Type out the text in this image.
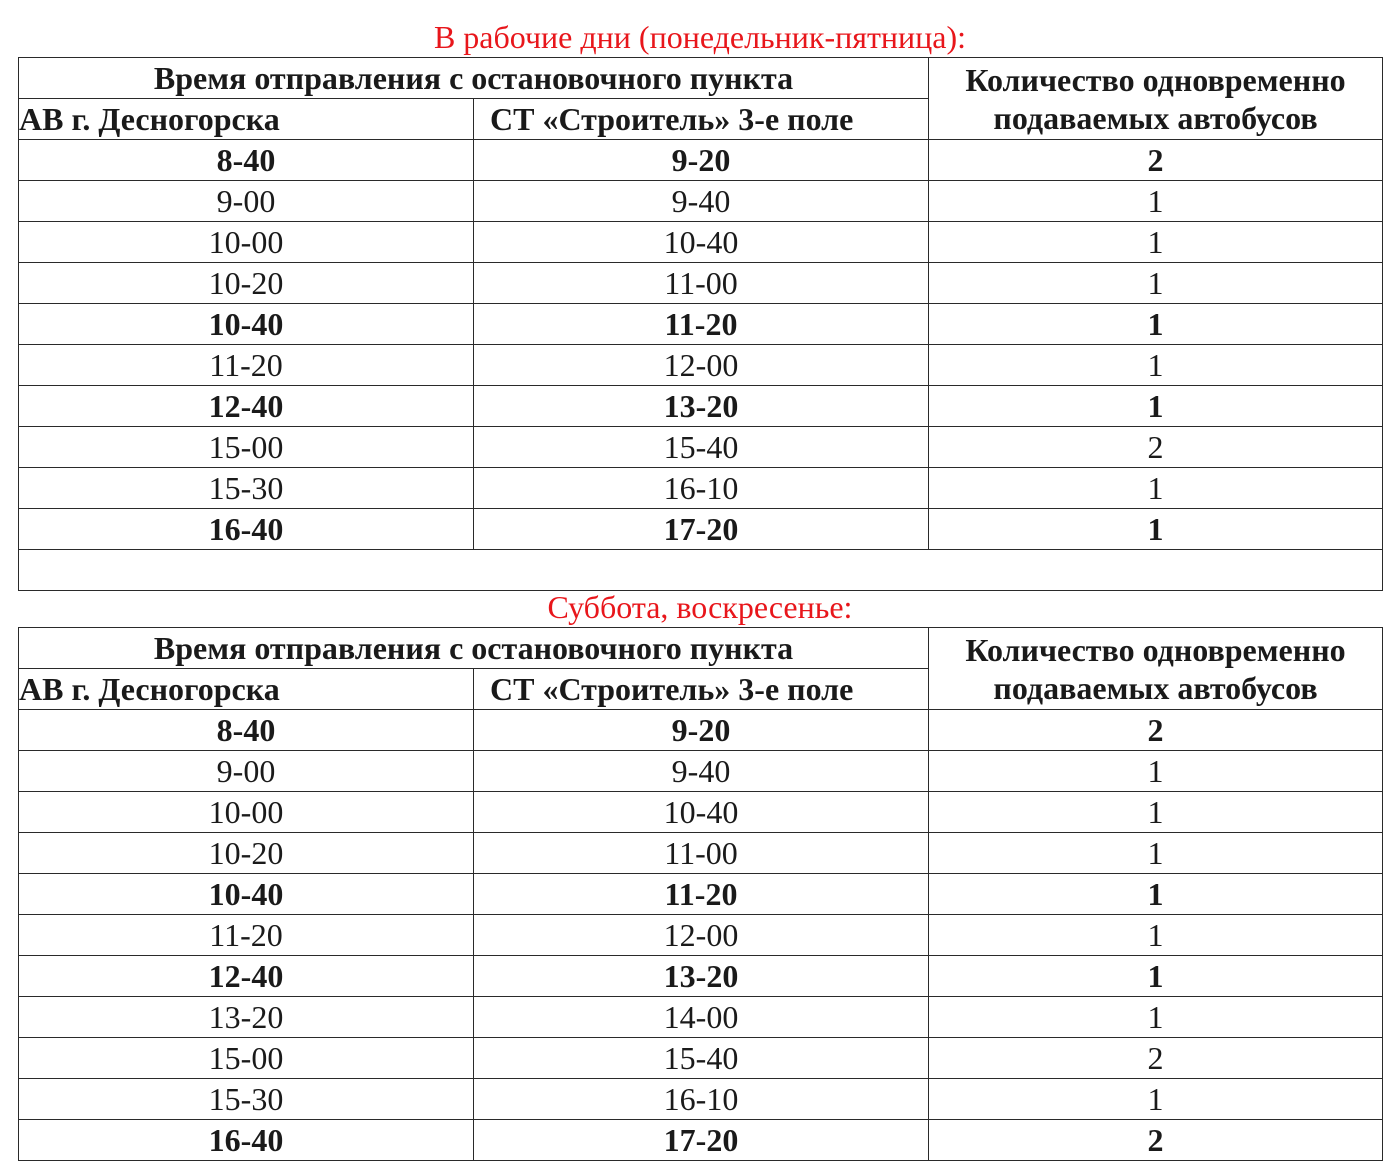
В рабочие дни (понедельник-пятница):
Время отправления с остановочного пункта		Количество одновременно
подаваемых автобусов
АВ г. Десногорска	СТ «Строитель» 3-е поле	
8-40	9-20	2
9-00	9-40	1
10-00	10-40	1
10-20	11-00	1
10-40	11-20	1
11-20	12-00	1
12-40	13-20	1
15-00	15-40	2
15-30	16-10	1
16-40	17-20	1

Суббота, воскресенье:
Время отправления с остановочного пункта		Количество одновременно
подаваемых автобусов
АВ г. Десногорска	СТ «Строитель» 3-е поле	
8-40	9-20	2
9-00	9-40	1
10-00	10-40	1
10-20	11-00	1
10-40	11-20	1
11-20	12-00	1
12-40	13-20	1
13-20	14-00	1
15-00	15-40	2
15-30	16-10	1
16-40	17-20	2
